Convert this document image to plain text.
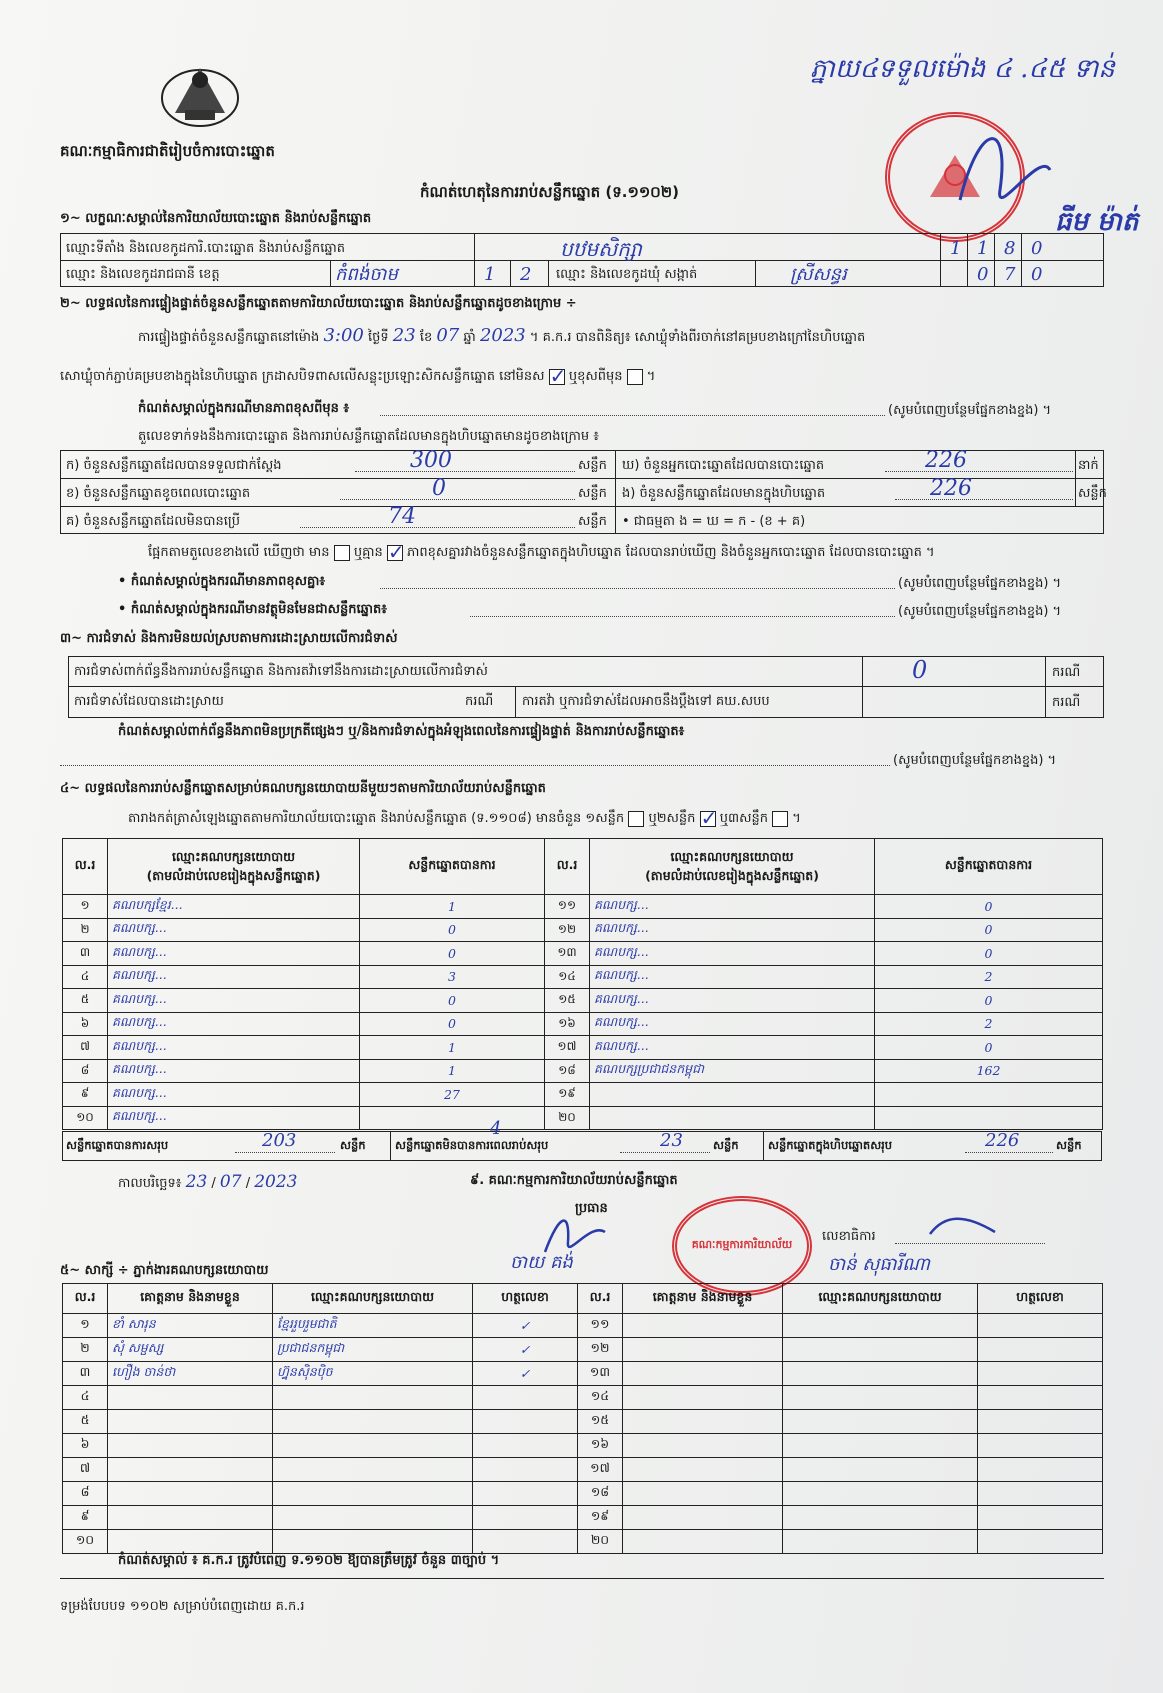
គណៈកម្មាធិការជាតិរៀបចំការបោះឆ្នោត
កំណត់ហេតុនៃការរាប់សន្លឹកឆ្នោត (ទ.១១០២)
ភ្នាយ៤ទទួលម៉ោង ៤ .៤៥ ទាន់
ធីម ម៉ាត់
១~ លក្ខណៈសម្គាល់នៃការិយាល័យបោះឆ្នោត និងរាប់សន្លឹកឆ្នោត
ឈ្មោះទីតាំង និងលេខកូដការិ.បោះឆ្នោត និងរាប់សន្លឹកឆ្នោត	បឋមសិក្សា	1 1 8 0
ឈ្មោះ និងលេខកូដរាជធានី ខេត្ត	កំពង់ចាម	1 2 ឈ្មោះ និងលេខកូដឃុំ សង្កាត់	ស្រីសន្ធរ	0 7 0
២~ លទ្ធផលនៃការផ្ទៀងផ្ទាត់ចំនួនសន្លឹកឆ្នោតតាមការិយាល័យបោះឆ្នោត និងរាប់សន្លឹកឆ្នោតដូចខាងក្រោម ÷
ការផ្ទៀងផ្ទាត់ចំនួនសន្លឹកឆ្នោតនៅម៉ោង 3:00 ថ្ងៃទី 23 ខែ 07 ឆ្នាំ 2023 ។ គ.ក.រ បានពិនិត្យ៖ សោឃ្លុំទាំងពីរចាក់នៅគម្របខាងក្រៅនៃហិបឆ្នោត
សោឃ្លុំចាក់ភ្ជាប់គម្របខាងក្នុងនៃហិបឆ្នោត ក្រដាសបិទពាសលើសន្លុះប្រឡោះសិកសន្លឹកឆ្នោត នៅមិនស ✓ ឬខុសពីមុន  ។
កំណត់សម្គាល់ក្នុងករណីមានភាពខុសពីមុន ៖	(សូមបំពេញបន្ថែមផ្នែកខាងខ្នង) ។
តួលេខទាក់ទងនឹងការបោះឆ្នោត និងការរាប់សន្លឹកឆ្នោតដែលមានក្នុងហិបឆ្នោតមានដូចខាងក្រោម ៖
ក) ចំនួនសន្លឹកឆ្នោតដែលបានទទួលជាក់ស្តែង	300	សន្លឹក ឃ) ចំនួនអ្នកបោះឆ្នោតដែលបានបោះឆ្នោត	226	នាក់
ខ) ចំនួនសន្លឹកឆ្នោតខូចពេលបោះឆ្នោត	0	សន្លឹក ង) ចំនួនសន្លឹកឆ្នោតដែលមានក្នុងហិបឆ្នោត	226	សន្លឹក
គ) ចំនួនសន្លឹកឆ្នោតដែលមិនបានប្រើ	74	សន្លឹក • ជាធម្មតា ង = ឃ = ក - (ខ + គ)
ផ្អែកតាមតួលេខខាងលើ ឃើញថា មាន ឬគ្មាន ✓ ភាពខុសគ្នារវាងចំនួនសន្លឹកឆ្នោតក្នុងហិបឆ្នោត ដែលបានរាប់ឃើញ និងចំនួនអ្នកបោះឆ្នោត ដែលបានបោះឆ្នោត ។
• កំណត់សម្គាល់ក្នុងករណីមានភាពខុសគ្នា៖	(សូមបំពេញបន្ថែមផ្នែកខាងខ្នង) ។
• កំណត់សម្គាល់ក្នុងករណីមានវត្ថុមិនមែនជាសន្លឹកឆ្នោត៖	(សូមបំពេញបន្ថែមផ្នែកខាងខ្នង) ។
៣~ ការជំទាស់ និងការមិនយល់ស្របតាមការដោះស្រាយលើការជំទាស់
ការជំទាស់ពាក់ព័ន្ធនឹងការរាប់សន្លឹកឆ្នោត និងការតវ៉ាទៅនឹងការដោះស្រាយលើការជំទាស់	0	ករណី
ការជំទាស់ដែលបានដោះស្រាយ	ករណី ការតវ៉ា ឬការជំទាស់ដែលអាចនឹងប្តឹងទៅ គឃ.សបប	ករណី
កំណត់សម្គាល់ពាក់ព័ន្ធនឹងភាពមិនប្រក្រតីផ្សេងៗ ឬ/និងការជំទាស់ក្នុងអំឡុងពេលនៃការផ្ទៀងផ្ទាត់ និងការរាប់សន្លឹកឆ្នោត៖
(សូមបំពេញបន្ថែមផ្នែកខាងខ្នង) ។
៤~ លទ្ធផលនៃការរាប់សន្លឹកឆ្នោតសម្រាប់គណបក្សនយោបាយនីមួយៗតាមការិយាល័យរាប់សន្លឹកឆ្នោត
តារាងកត់ត្រាសំឡេងឆ្នោតតាមការិយាល័យបោះឆ្នោត និងរាប់សន្លឹកឆ្នោត (ទ.១១០៨) មានចំនួន ១សន្លឹក ឬ២សន្លឹក ✓ ឬ៣សន្លឹក  ។
ល.រ	ឈ្មោះគណបក្សនយោបាយ
(តាមលំដាប់លេខរៀងក្នុងសន្លឹកឆ្នោត)	សន្លឹកឆ្នោតបានការ	ល.រ	ឈ្មោះគណបក្សនយោបាយ
(តាមលំដាប់លេខរៀងក្នុងសន្លឹកឆ្នោត)	សន្លឹកឆ្នោតបានការ
១	គណបក្សខ្មែរ...	1	១១	គណបក្ស...	0
២	គណបក្ស...	0	១២	គណបក្ស...	0
៣	គណបក្ស...	0	១៣	គណបក្ស...	0
៤	គណបក្ស...	3	១៤	គណបក្ស...	2
៥	គណបក្ស...	0	១៥	គណបក្ស...	0
៦	គណបក្ស...	0	១៦	គណបក្ស...	2
៧	គណបក្ស...	1	១៧	គណបក្ស...	0
៨	គណបក្ស...	1	១៨	គណបក្សប្រជាជនកម្ពុជា	162
៩	គណបក្ស...	27	១៩		
១០	គណបក្ស...		២០		
សន្លឹកឆ្នោតបានការសរុប	203	សន្លឹក	សន្លឹកឆ្នោតមិនបានការពេលរាប់សរុប	23	សន្លឹក	សន្លឹកឆ្នោតក្នុងហិបឆ្នោតសរុប	226	សន្លឹក
4
កាលបរិច្ឆេទ៖ 23 / 07 / 2023	៩. គណៈកម្មការការិយាល័យរាប់សន្លឹកឆ្នោត
ប្រធាន
ចាយ គង់
គណៈកម្មការការិយាល័យ
លេខាធិការ
ចាន់ សុធារីណា
៥~ សាក្សី ÷ ភ្នាក់ងារគណបក្សនយោបាយ
ល.រ	គោត្តនាម និងនាមខ្លួន	ឈ្មោះគណបក្សនយោបាយ	ហត្ថលេខា	ល.រ	គោត្តនាម និងនាមខ្លួន	ឈ្មោះគណបក្សនយោបាយ	ហត្ថលេខា
១	ខាំ សារុន	ខ្មែររួបរួមជាតិ	✓	១១			
២	សុំ សម្ផស្ស	ប្រជាជនកម្ពុជា	✓	១២			
៣	ហឿង ចាន់ថា	ហ្វ៊ុនស៊ិនប៉ិច	✓	១៣			
៤				១៤			
៥				១៥			
៦				១៦			
៧				១៧			
៨				១៨			
៩				១៩			
១០				២០			
កំណត់សម្គាល់ ៖ គ.ក.រ ត្រូវបំពេញ ទ.១១០២ ឱ្យបានត្រឹមត្រូវ ចំនួន ៣ច្បាប់ ។
ទម្រង់បែបបទ ១១០២ សម្រាប់បំពេញដោយ គ.ក.រ
